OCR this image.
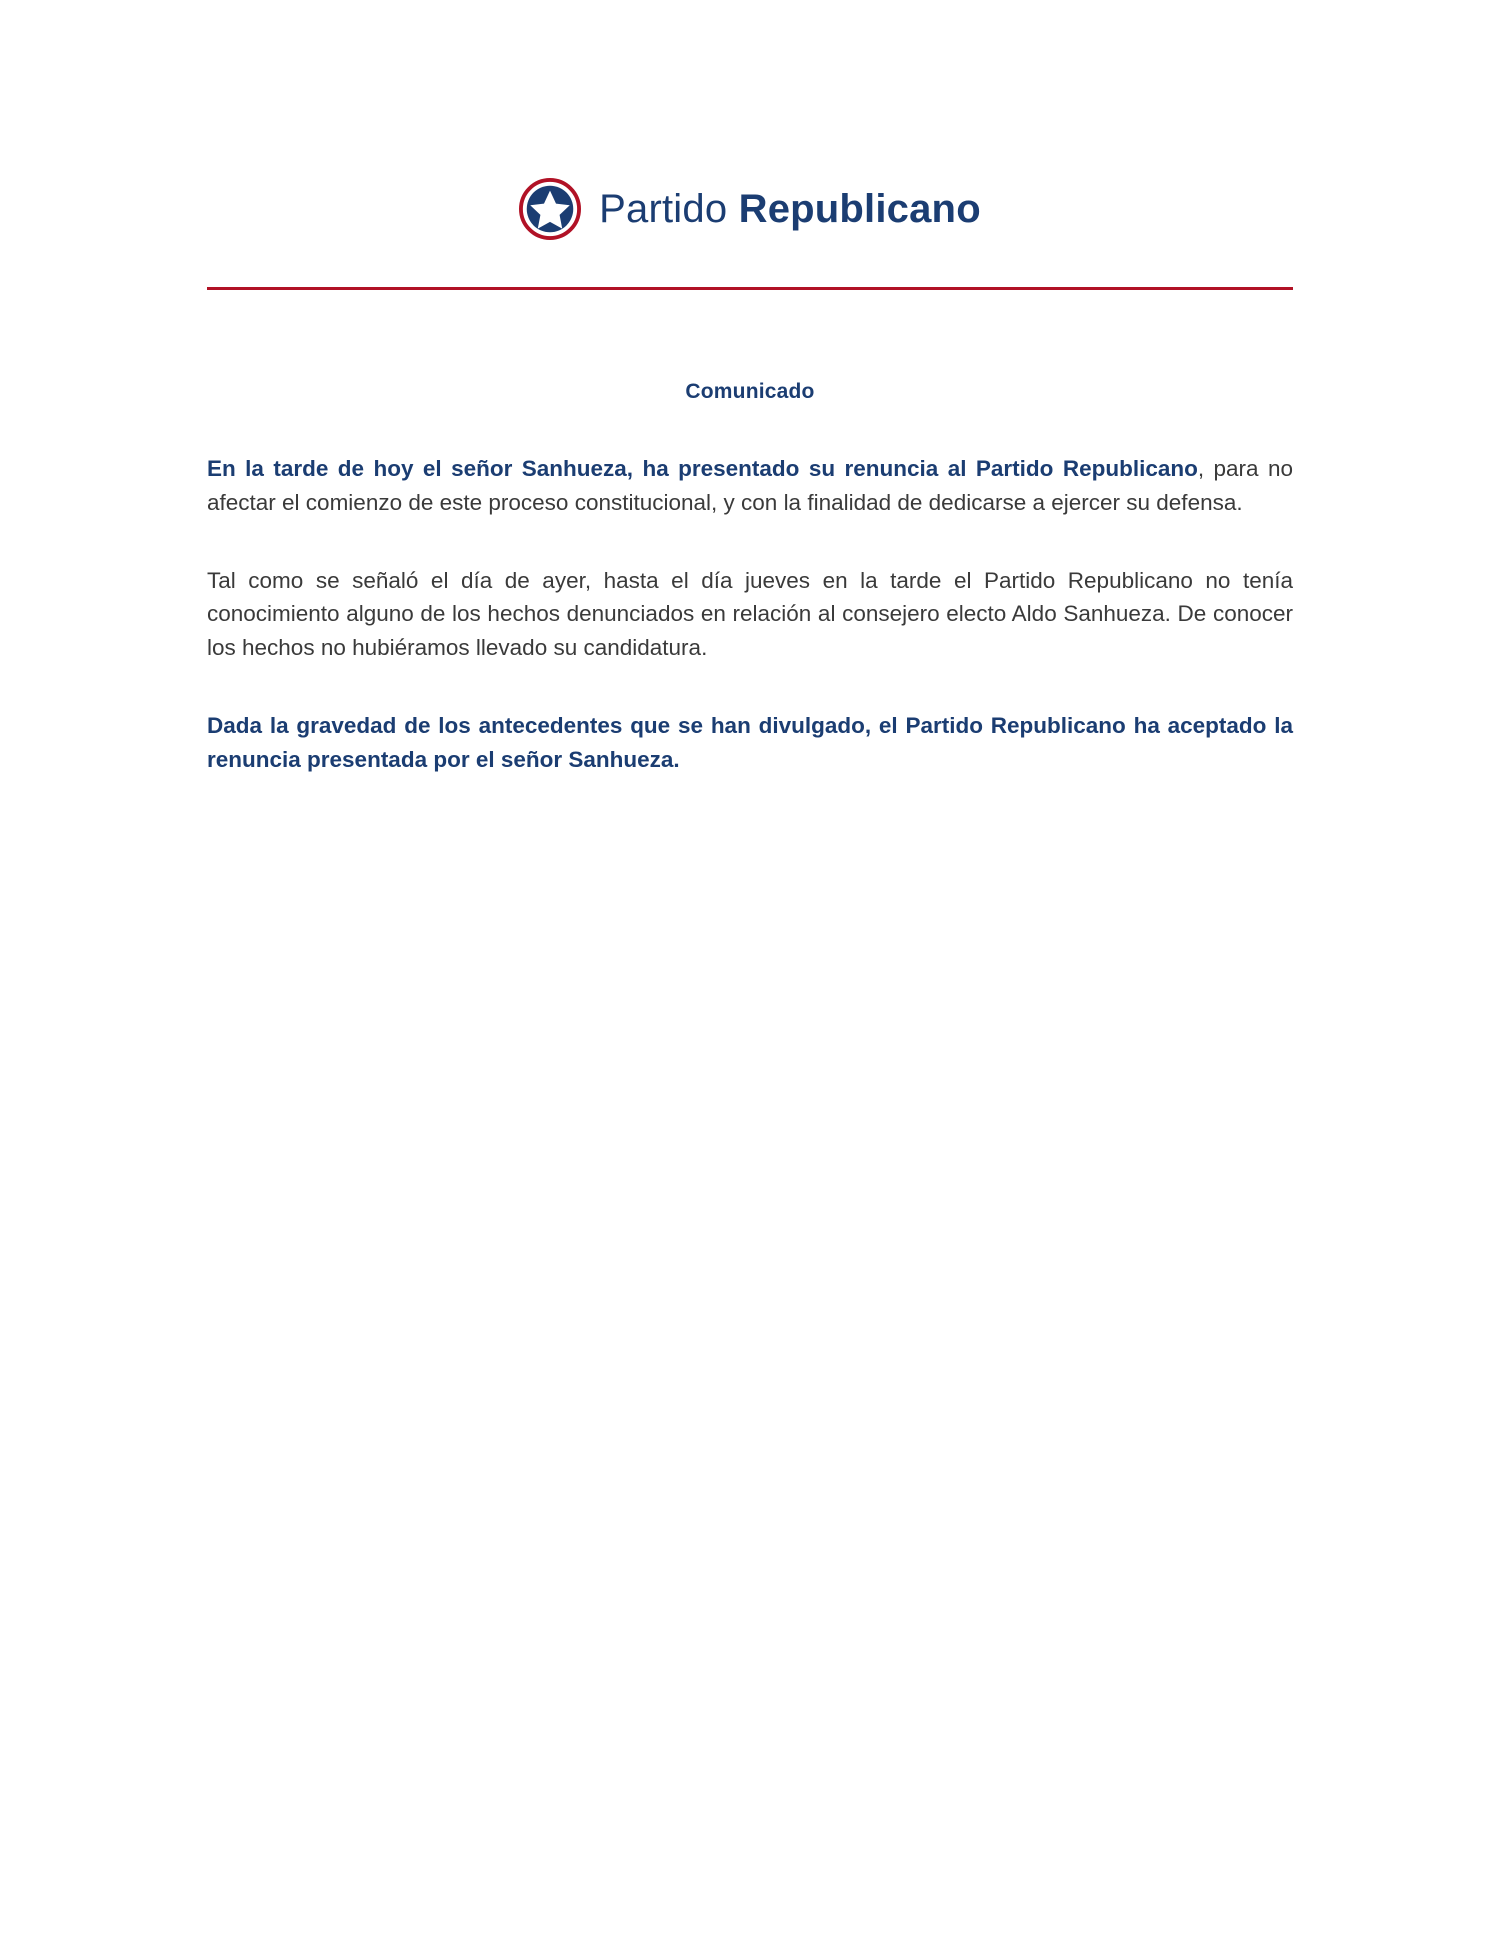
Partido Republicano
Comunicado

En la tarde de hoy el señor Sanhueza, ha presentado su renuncia al Partido Republicano, para no afectar el comienzo de este proceso constitucional, y con la finalidad de dedicarse a ejercer su defensa.

Tal como se señaló el día de ayer, hasta el día jueves en la tarde el Partido Republicano no tenía conocimiento alguno de los hechos denunciados en relación al consejero electo Aldo Sanhueza. De conocer los hechos no hubiéramos llevado su candidatura.

Dada la gravedad de los antecedentes que se han divulgado, el Partido Republicano ha aceptado la renuncia presentada por el señor Sanhueza.
